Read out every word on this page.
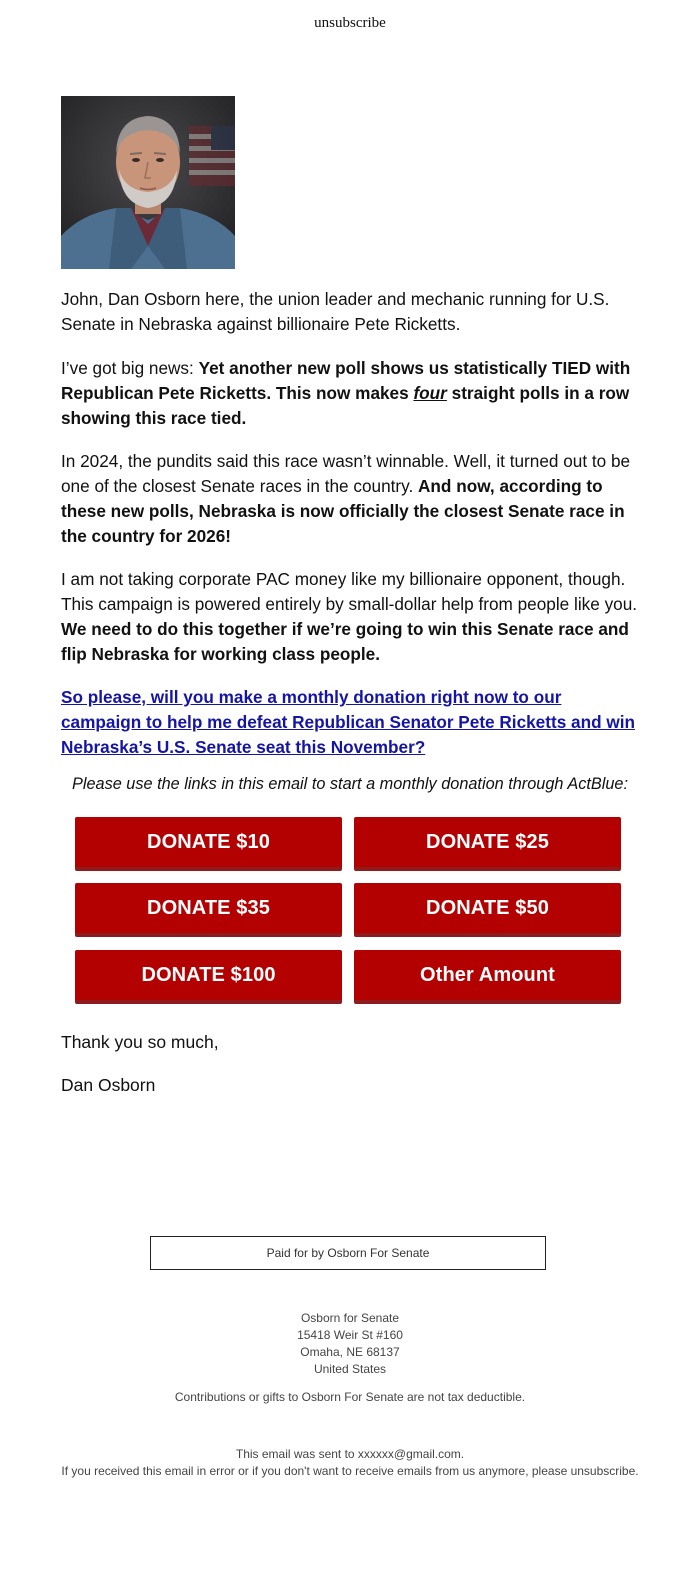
unsubscribe
John, Dan Osborn here, the union leader and mechanic running for U.S. Senate in Nebraska against billionaire Pete Ricketts.
I’ve got big news: Yet another new poll shows us statistically TIED with Republican Pete Ricketts. This now makes four straight polls in a row showing this race tied.
In 2024, the pundits said this race wasn’t winnable. Well, it turned out to be one of the closest Senate races in the country. And now, according to these new polls, Nebraska is now officially the closest Senate race in the country for 2026!
I am not taking corporate PAC money like my billionaire opponent, though. This campaign is powered entirely by small-dollar help from people like you. We need to do this together if we’re going to win this Senate race and flip Nebraska for working class people.
So please, will you make a monthly donation right now to our campaign to help me defeat Republican Senator Pete Ricketts and win Nebraska’s U.S. Senate seat this November?
Please use the links in this email to start a monthly donation through ActBlue:
DONATE $10	DONATE $25
DONATE $35	DONATE $50
DONATE $100	Other Amount
Thank you so much,
Dan Osborn
Paid for by Osborn For Senate
Osborn for Senate
15418 Weir St #160
Omaha, NE 68137
United States
Contributions or gifts to Osborn For Senate are not tax deductible.
This email was sent to xxxxxx@gmail.com.
If you received this email in error or if you don't want to receive emails from us anymore, please unsubscribe.
